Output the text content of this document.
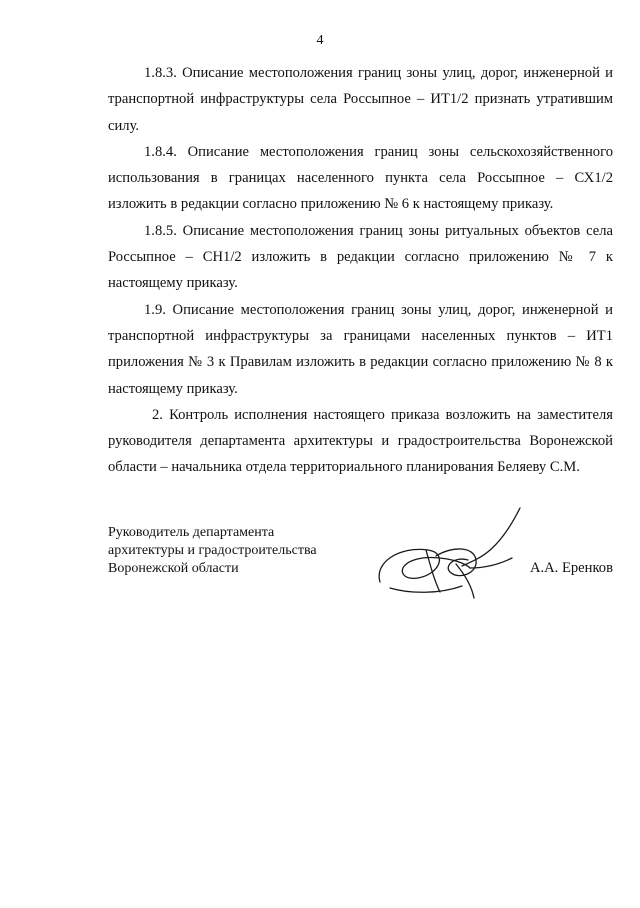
4

1.8.3. Описание местоположения границ зоны улиц, дорог, инженерной и транспортной инфраструктуры села Россыпное – ИТ1/2 признать утратившим силу.

1.8.4. Описание местоположения границ зоны сельскохозяйственного использования в границах населенного пункта села Россыпное – СХ1/2 изложить в редакции согласно приложению № 6 к настоящему приказу.

1.8.5. Описание местоположения границ зоны ритуальных объектов села Россыпное – СН1/2 изложить в редакции согласно приложению № 7 к настоящему приказу.

1.9. Описание местоположения границ зоны улиц, дорог, инженерной и транспортной инфраструктуры за границами населенных пунктов – ИТ1 приложения № 3 к Правилам изложить в редакции согласно приложению № 8 к настоящему приказу.

2. Контроль исполнения настоящего приказа возложить на заместителя руководителя департамента архитектуры и градостроительства Воронежской области – начальника отдела территориального планирования Беляеву С.М.

Руководитель департамента
архитектуры и градостроительства
Воронежской области	А.А. Еренков
